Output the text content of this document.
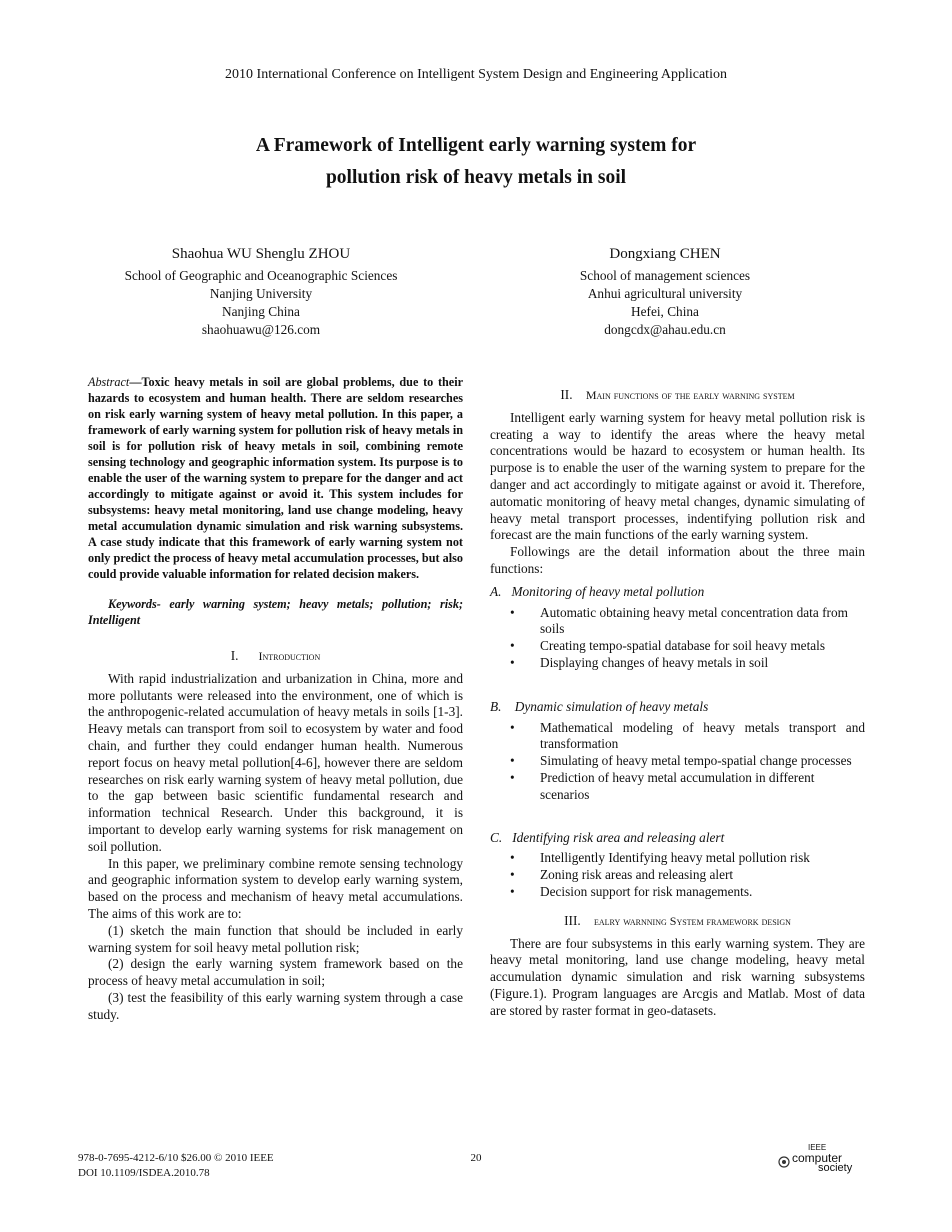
2010 International Conference on Intelligent System Design and Engineering Application
A Framework of Intelligent early warning system for
pollution risk of heavy metals in soil
Shaohua WU Shenglu ZHOU
School of Geographic and Oceanographic Sciences
Nanjing University
Nanjing China
shaohuawu@126.com
Dongxiang CHEN
School of management sciences
Anhui agricultural university
Hefei, China
dongcdx@ahau.edu.cn

Abstract—Toxic heavy metals in soil are global problems, due to their hazards to ecosystem and human health. There are seldom researches on risk early warning system of heavy metal pollution. In this paper, a framework of early warning system for pollution risk of heavy metals in soil is for pollution risk of heavy metals in soil, combining remote sensing technology and geographic information system. Its purpose is to enable the user of the warning system to prepare for the danger and act accordingly to mitigate against or avoid it. This system includes for subsystems: heavy metal monitoring, land use change modeling, heavy metal accumulation dynamic simulation and risk warning subsystems. A case study indicate that this framework of early warning system not only predict the process of heavy metal accumulation processes, but also could provide valuable information for related decision makers.

Keywords- early warning system; heavy metals; pollution; risk; Intelligent

I. Introduction

With rapid industrialization and urbanization in China, more and more pollutants were released into the environment, one of which is the anthropogenic-related accumulation of heavy metals in soils [1-3]. Heavy metals can transport from soil to ecosystem by water and food chain, and further they could endanger human health. Numerous report focus on heavy metal pollution[4-6], however there are seldom researches on risk early warning system of heavy metal pollution, due to the gap between basic scientific fundamental research and information technical Research. Under this background, it is important to develop early warning systems for risk management on soil pollution.

In this paper, we preliminary combine remote sensing technology and geographic information system to develop early warning system, based on the process and mechanism of heavy metal accumulations. The aims of this work are to:

(1) sketch the main function that should be included in early warning system for soil heavy metal pollution risk;

(2) design the early warning system framework based on the process of heavy metal accumulation in soil;

(3) test the feasibility of this early warning system through a case study.

II. Main functions of the early warning system

Intelligent early warning system for heavy metal pollution risk is creating a way to identify the areas where the heavy metal concentrations would be hazard to ecosystem or human health. Its purpose is to enable the user of the warning system to prepare for the danger and act accordingly to mitigate against or avoid it. Therefore, automatic monitoring of heavy metal changes, dynamic simulating of heavy metal transport processes, indentifying pollution risk and forecast are the main functions of the early warning system.

Followings are the detail information about the three main functions:

A. Monitoring of heavy metal pollution
• Automatic obtaining heavy metal concentration data from soils
• Creating tempo-spatial database for soil heavy metals
• Displaying changes of heavy metals in soil
B. Dynamic simulation of heavy metals
• Mathematical modeling of heavy metals transport and transformation
• Simulating of heavy metal tempo-spatial change processes
• Prediction of heavy metal accumulation in different scenarios
C. Identifying risk area and releasing alert
• Intelligently Identifying heavy metal pollution risk
• Zoning risk areas and releasing alert
• Decision support for risk managements.
III. ealry warnning System framework design

There are four subsystems in this early warning system. They are heavy metal monitoring, land use change modeling, heavy metal accumulation dynamic simulation and risk warning subsystems (Figure.1). Program languages are Arcgis and Matlab. Most of data are stored by raster format in geo-datasets.

978-0-7695-4212-6/10 $26.00 © 2010 IEEE
DOI 10.1109/ISDEA.2010.78
20
IEEE
computer
society
